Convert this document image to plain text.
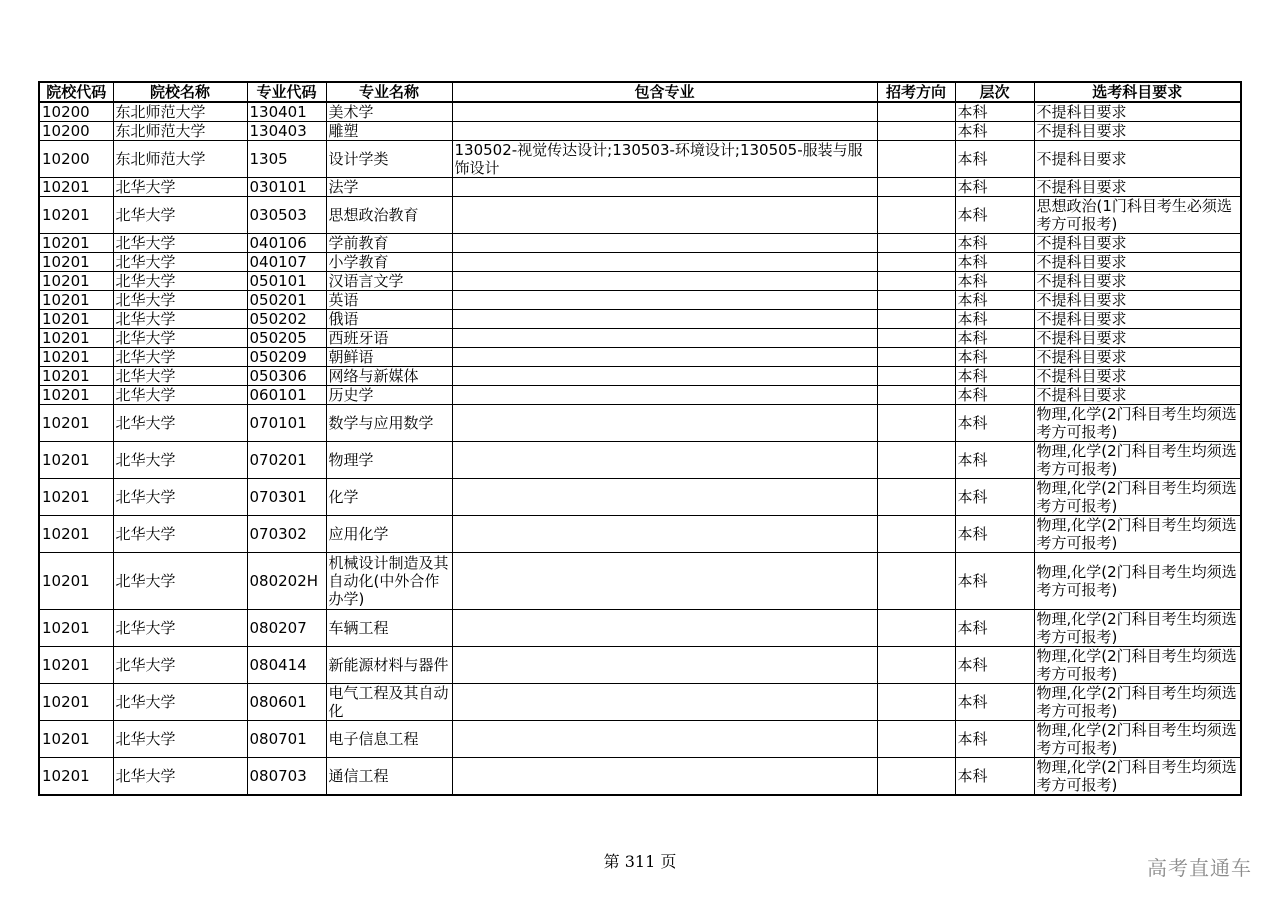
院校代码	院校名称	专业代码	专业名称	包含专业	招考方向	层次	选考科目要求
10200	东北师范大学	130401	美术学			本科	不提科目要求
10200	东北师范大学	130403	雕塑			本科	不提科目要求
10200	东北师范大学	1305	设计学类	130502-视觉传达设计;130503-环境设计;130505-服装与服饰设计		本科	不提科目要求
10201	北华大学	030101	法学			本科	不提科目要求
10201	北华大学	030503	思想政治教育			本科	思想政治(1门科目考生必须选考方可报考)
10201	北华大学	040106	学前教育			本科	不提科目要求
10201	北华大学	040107	小学教育			本科	不提科目要求
10201	北华大学	050101	汉语言文学			本科	不提科目要求
10201	北华大学	050201	英语			本科	不提科目要求
10201	北华大学	050202	俄语			本科	不提科目要求
10201	北华大学	050205	西班牙语			本科	不提科目要求
10201	北华大学	050209	朝鲜语			本科	不提科目要求
10201	北华大学	050306	网络与新媒体			本科	不提科目要求
10201	北华大学	060101	历史学			本科	不提科目要求
10201	北华大学	070101	数学与应用数学			本科	物理,化学(2门科目考生均须选考方可报考)
10201	北华大学	070201	物理学			本科	物理,化学(2门科目考生均须选考方可报考)
10201	北华大学	070301	化学			本科	物理,化学(2门科目考生均须选考方可报考)
10201	北华大学	070302	应用化学			本科	物理,化学(2门科目考生均须选考方可报考)
10201	北华大学	080202H	机械设计制造及其自动化(中外合作办学)			本科	物理,化学(2门科目考生均须选考方可报考)
10201	北华大学	080207	车辆工程			本科	物理,化学(2门科目考生均须选考方可报考)
10201	北华大学	080414	新能源材料与器件			本科	物理,化学(2门科目考生均须选考方可报考)
10201	北华大学	080601	电气工程及其自动化			本科	物理,化学(2门科目考生均须选考方可报考)
10201	北华大学	080701	电子信息工程			本科	物理,化学(2门科目考生均须选考方可报考)
10201	北华大学	080703	通信工程			本科	物理,化学(2门科目考生均须选考方可报考)
第 311 页	高考直通车
